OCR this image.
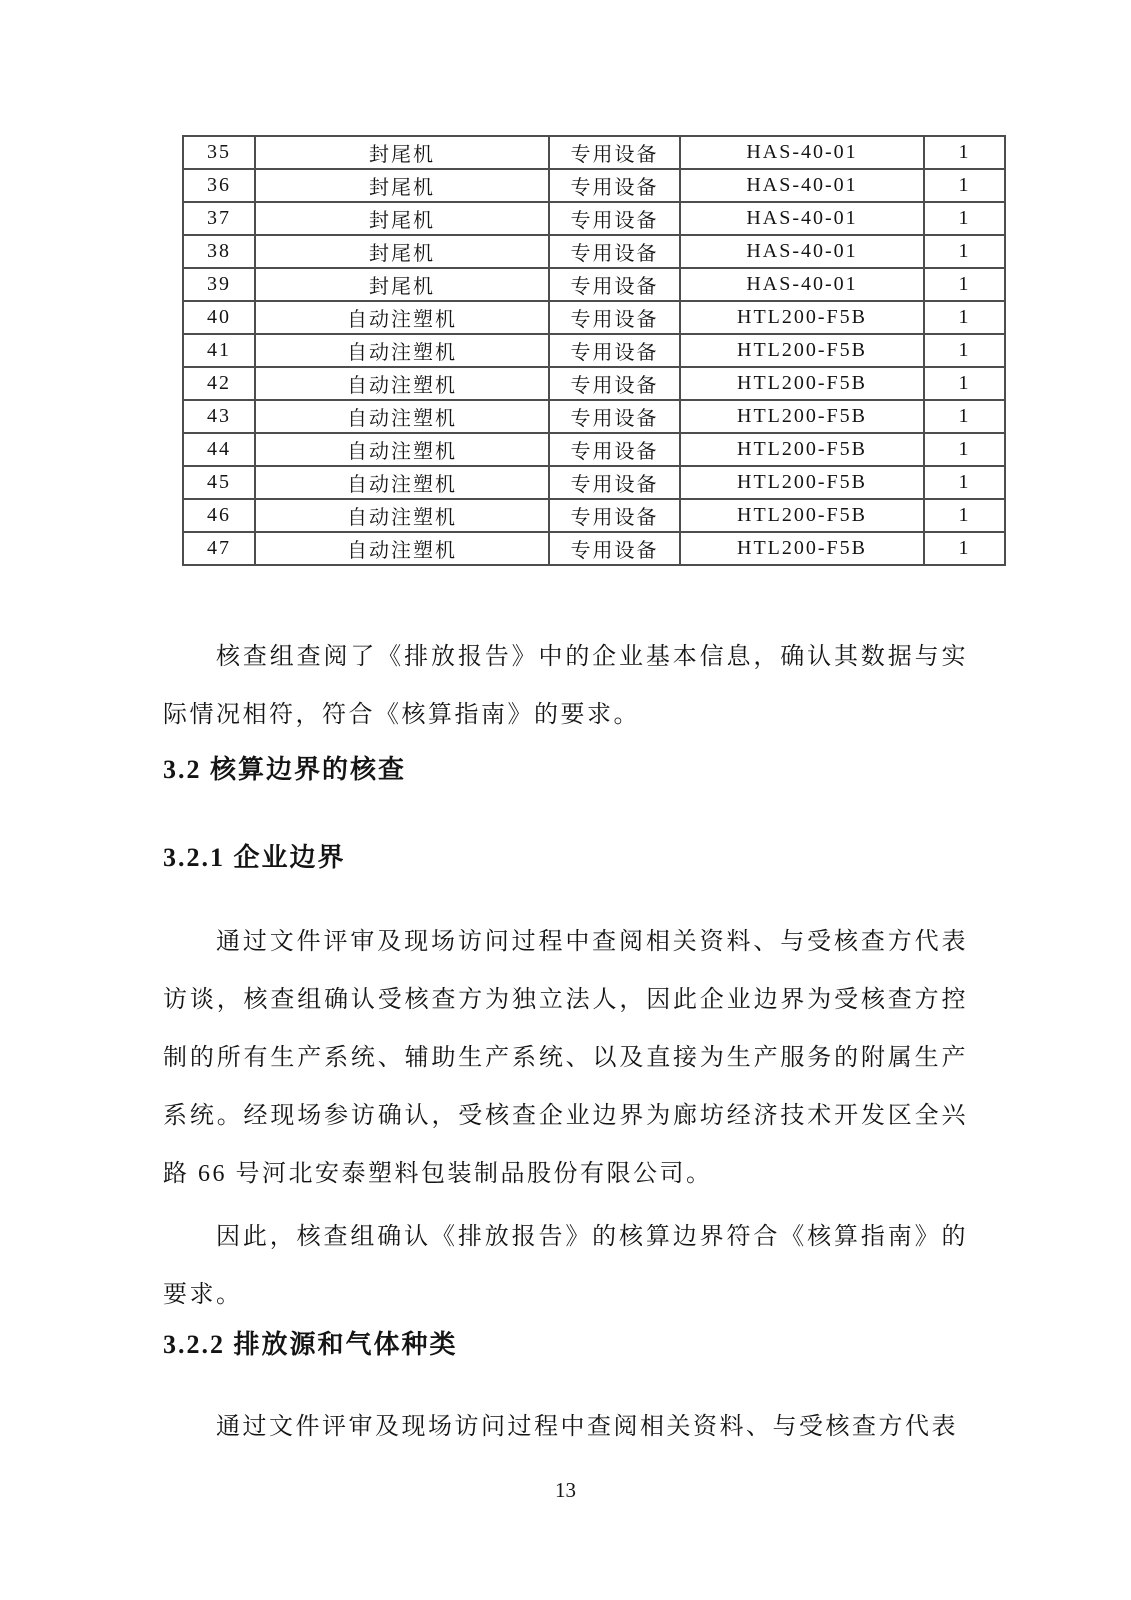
35	封尾机	专用设备	HAS-40-01	1
36	封尾机	专用设备	HAS-40-01	1
37	封尾机	专用设备	HAS-40-01	1
38	封尾机	专用设备	HAS-40-01	1
39	封尾机	专用设备	HAS-40-01	1
40	自动注塑机	专用设备	HTL200-F5B	1
41	自动注塑机	专用设备	HTL200-F5B	1
42	自动注塑机	专用设备	HTL200-F5B	1
43	自动注塑机	专用设备	HTL200-F5B	1
44	自动注塑机	专用设备	HTL200-F5B	1
45	自动注塑机	专用设备	HTL200-F5B	1
46	自动注塑机	专用设备	HTL200-F5B	1
47	自动注塑机	专用设备	HTL200-F5B	1

核查组查阅了《排放报告》中的企业基本信息，确认其数据与实际情况相符，符合《核算指南》的要求。

3.2 核算边界的核查
3.2.1 企业边界

通过文件评审及现场访问过程中查阅相关资料、与受核查方代表访谈，核查组确认受核查方为独立法人，因此企业边界为受核查方控制的所有生产系统、辅助生产系统、以及直接为生产服务的附属生产系统。经现场参访确认，受核查企业边界为廊坊经济技术开发区全兴路 66 号河北安泰塑料包装制品股份有限公司。

因此，核查组确认《排放报告》的核算边界符合《核算指南》的要求。

3.2.2 排放源和气体种类

通过文件评审及现场访问过程中查阅相关资料、与受核查方代表

13
